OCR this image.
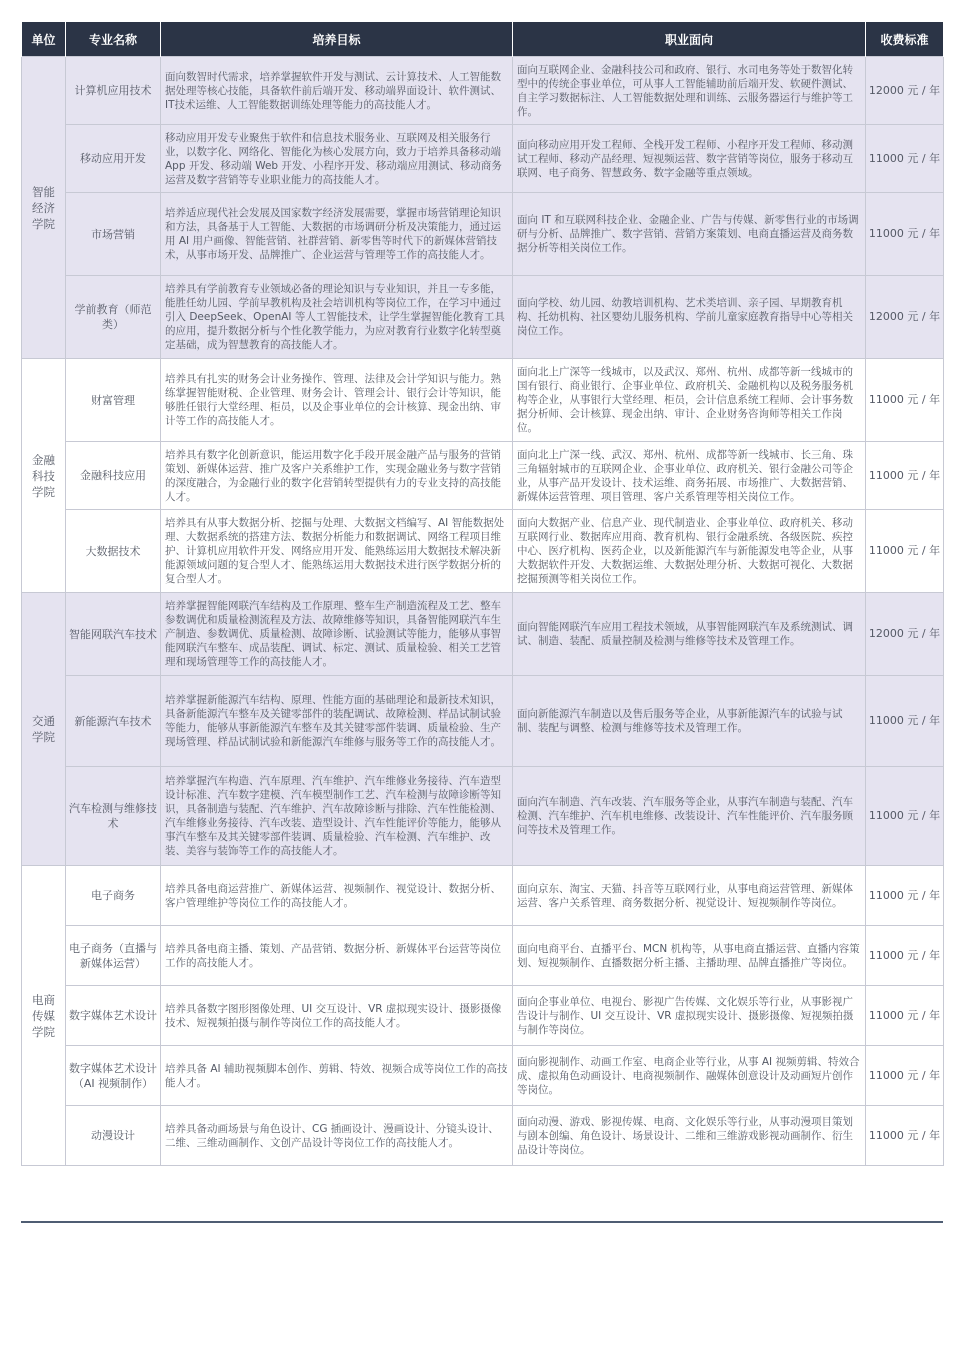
单位	专业名称	培养目标	职业面向	收费标准
智能经济学院	计算机应用技术	面向数智时代需求，培养掌握软件开发与测试、云计算技术、人工智能数据处理等核心技能，具备软件前后端开发、移动端界面设计、软件测试、IT技术运维、人工智能数据训练处理等能力的高技能人才。	面向互联网企业、金融科技公司和政府、银行、水司电务等处于数智化转型中的传统企事业单位，可从事人工智能辅助前后端开发、软硬件测试、自主学习数据标注、人工智能数据处理和训练、云服务器运行与维护等工作。	12000 元 / 年
	移动应用开发	移动应用开发专业聚焦于软件和信息技术服务业、互联网及相关服务行业，以数字化、网络化、智能化为核心发展方向，致力于培养具备移动端 App 开发、移动端 Web 开发、小程序开发、移动端应用测试、移动商务运营及数字营销等专业职业能力的高技能人才。	面向移动应用开发工程师、全栈开发工程师、小程序开发工程师、移动测试工程师、移动产品经理、短视频运营、数字营销等岗位，服务于移动互联网、电子商务、智慧政务、数字金融等重点领域。	11000 元 / 年
	市场营销	培养适应现代社会发展及国家数字经济发展需要，掌握市场营销理论知识和方法，具备基于人工智能、大数据的市场调研分析及决策能力，通过运用 AI 用户画像、智能营销、社群营销、新零售等时代下的新媒体营销技术，从事市场开发、品牌推广、企业运营与管理等工作的高技能人才。	面向 IT 和互联网科技企业、金融企业、广告与传媒、新零售行业的市场调研与分析、品牌推广、数字营销、营销方案策划、电商直播运营及商务数据分析等相关岗位工作。	11000 元 / 年
	学前教育（师范类）	培养具有学前教育专业领域必备的理论知识与专业知识，并且一专多能，能胜任幼儿园、学前早教机构及社会培训机构等岗位工作，在学习中通过引入 DeepSeek、OpenAI 等人工智能技术，让学生掌握智能化教育工具的应用，提升数据分析与个性化教学能力，为应对教育行业数字化转型奠定基础，成为智慧教育的高技能人才。	面向学校、幼儿园、幼教培训机构、艺术类培训、亲子园、早期教育机构、托幼机构、社区婴幼儿服务机构、学前儿童家庭教育指导中心等相关岗位工作。	12000 元 / 年
金融科技学院	财富管理	培养具有扎实的财务会计业务操作、管理、法律及会计学知识与能力。熟练掌握智能财税、企业管理、财务会计、管理会计、银行会计等知识，能够胜任银行大堂经理、柜员，以及企事业单位的会计核算、现金出纳、审计等工作的高技能人才。	面向北上广深等一线城市，以及武汉、郑州、杭州、成都等新一线城市的国有银行、商业银行、企事业单位、政府机关、金融机构以及税务服务机构等企业，从事银行大堂经理、柜员，会计信息系统工程师、会计事务数据分析师、会计核算、现金出纳、审计、企业财务咨询师等相关工作岗位。	11000 元 / 年
	金融科技应用	培养具有数字化创新意识，能运用数字化手段开展金融产品与服务的营销策划、新媒体运营、推广及客户关系维护工作，实现金融业务与数字营销的深度融合，为金融行业的数字化营销转型提供有力的专业支持的高技能人才。	面向北上广深一线、武汉、郑州、杭州、成都等新一线城市、长三角、珠三角辐射城市的互联网企业、企事业单位、政府机关、银行金融公司等企业，从事产品开发设计、技术运维、商务拓展、市场推广、大数据营销、新媒体运营管理、项目管理、客户关系管理等相关岗位工作。	11000 元 / 年
	大数据技术	培养具有从事大数据分析、挖掘与处理、大数据文档编写、AI 智能数据处理、大数据系统的搭建方法、数据分析能力和数据调试、网络工程项目维护、计算机应用软件开发、网络应用开发、能熟练运用大数据技术解决新能源领域问题的复合型人才、能熟练运用大数据技术进行医学数据分析的复合型人才。	面向大数据产业、信息产业、现代制造业、企事业单位、政府机关、移动互联网行业、数据库应用商、教育机构、银行金融系统、各级医院、疾控中心、医疗机构、医药企业，以及新能源汽车与新能源发电等企业，从事大数据软件开发、大数据运维、大数据处理分析、大数据可视化、大数据挖掘预测等相关岗位工作。	11000 元 / 年
交通学院	智能网联汽车技术	培养掌握智能网联汽车结构及工作原理、整车生产制造流程及工艺、整车参数调优和质量检测流程及方法、故障维修等知识，具备智能网联汽车生产制造、参数调优、质量检测、故障诊断、试验测试等能力，能够从事智能网联汽车整车、成品装配、调试、标定、测试、质量检验、相关工艺管理和现场管理等工作的高技能人才。	面向智能网联汽车应用工程技术领域，从事智能网联汽车及系统测试、调试、制造、装配、质量控制及检测与维修等技术及管理工作。	12000 元 / 年
	新能源汽车技术	培养掌握新能源汽车结构、原理、性能方面的基础理论和最新技术知识，具备新能源汽车整车及关键零部件的装配调试、故障检测、样品试制试验等能力，能够从事新能源汽车整车及其关键零部件装调、质量检验、生产现场管理、样品试制试验和新能源汽车维修与服务等工作的高技能人才。	面向新能源汽车制造以及售后服务等企业，从事新能源汽车的试验与试制、装配与调整、检测与维修等技术及管理工作。	11000 元 / 年
	汽车检测与维修技术	培养掌握汽车构造、汽车原理、汽车维护、汽车维修业务接待、汽车造型设计标准、汽车数字建模、汽车模型制作工艺、汽车检测与故障诊断等知识，具备制造与装配、汽车维护、汽车故障诊断与排除、汽车性能检测、汽车维修业务接待、汽车改装、造型设计、汽车性能评价等能力，能够从事汽车整车及其关键零部件装调、质量检验、汽车检测、汽车维护、改装、美容与装饰等工作的高技能人才。	面向汽车制造、汽车改装、汽车服务等企业，从事汽车制造与装配、汽车检测、汽车维护、汽车机电维修、改装设计、汽车性能评价、汽车服务顾问等技术及管理工作。	11000 元 / 年
电商传媒学院	电子商务	培养具备电商运营推广、新媒体运营、视频制作、视觉设计、数据分析、客户管理维护等岗位工作的高技能人才。	面向京东、淘宝、天猫、抖音等互联网行业，从事电商运营管理、新媒体运营、客户关系管理、商务数据分析、视觉设计、短视频制作等岗位。	11000 元 / 年
	电子商务（直播与新媒体运营）	培养具备电商主播、策划、产品营销、数据分析、新媒体平台运营等岗位工作的高技能人才。	面向电商平台、直播平台、MCN 机构等，从事电商直播运营、直播内容策划、短视频制作、直播数据分析主播、主播助理、品牌直播推广等岗位。	11000 元 / 年
	数字媒体艺术设计	培养具备数字图形图像处理、UI 交互设计、VR 虚拟现实设计、摄影摄像技术、短视频拍摄与制作等岗位工作的高技能人才。	面向企事业单位、电视台、影视广告传媒、文化娱乐等行业，从事影视广告设计与制作、UI 交互设计、VR 虚拟现实设计、摄影摄像、短视频拍摄与制作等岗位。	11000 元 / 年
	数字媒体艺术设计（AI 视频制作）	培养具备 AI 辅助视频脚本创作、剪辑、特效、视频合成等岗位工作的高技能人才。	面向影视制作、动画工作室、电商企业等行业，从事 AI 视频剪辑、特效合成、虚拟角色动画设计、电商视频制作、融媒体创意设计及动画短片创作等岗位。	11000 元 / 年
	动漫设计	培养具备动画场景与角色设计、CG 插画设计、漫画设计、分镜头设计、二维、三维动画制作、文创产品设计等岗位工作的高技能人才。	面向动漫、游戏、影视传媒、电商、文化娱乐等行业，从事动漫项目策划与剧本创编、角色设计、场景设计、二维和三维游戏影视动画制作、衍生品设计等岗位。	11000 元 / 年
